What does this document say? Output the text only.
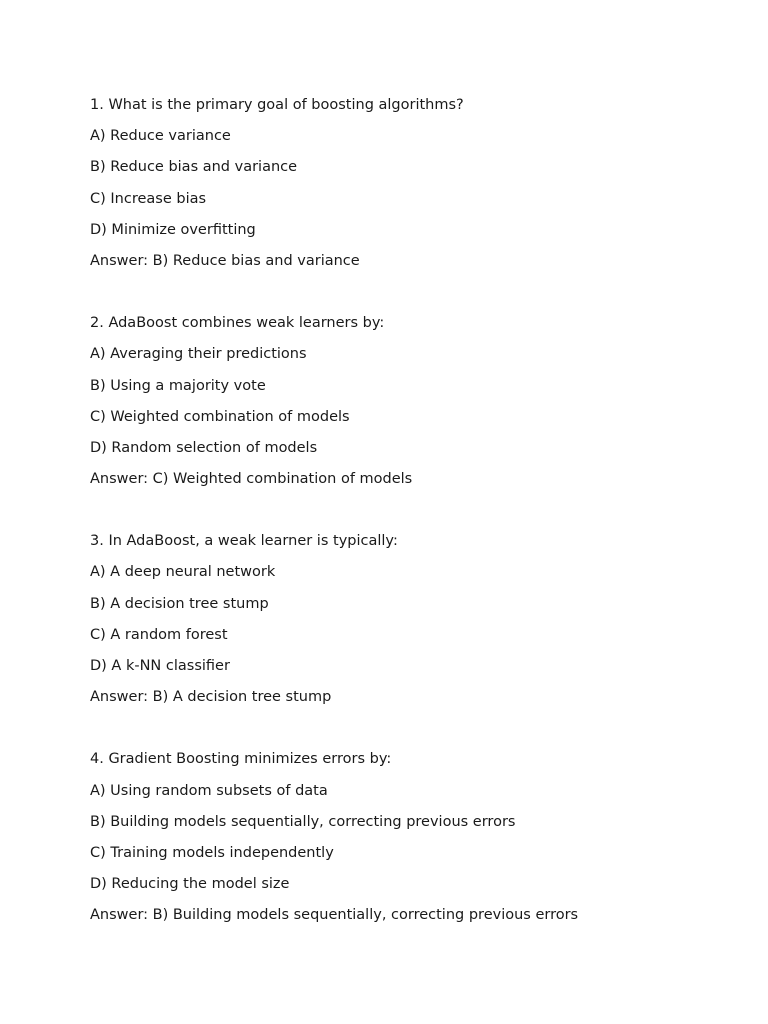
1. What is the primary goal of boosting algorithms?
A) Reduce variance
B) Reduce bias and variance
C) Increase bias
D) Minimize overfitting
Answer: B) Reduce bias and variance
2. AdaBoost combines weak learners by:
A) Averaging their predictions
B) Using a majority vote
C) Weighted combination of models
D) Random selection of models
Answer: C) Weighted combination of models
3. In AdaBoost, a weak learner is typically:
A) A deep neural network
B) A decision tree stump
C) A random forest
D) A k-NN classifier
Answer: B) A decision tree stump
4. Gradient Boosting minimizes errors by:
A) Using random subsets of data
B) Building models sequentially, correcting previous errors
C) Training models independently
D) Reducing the model size
Answer: B) Building models sequentially, correcting previous errors
